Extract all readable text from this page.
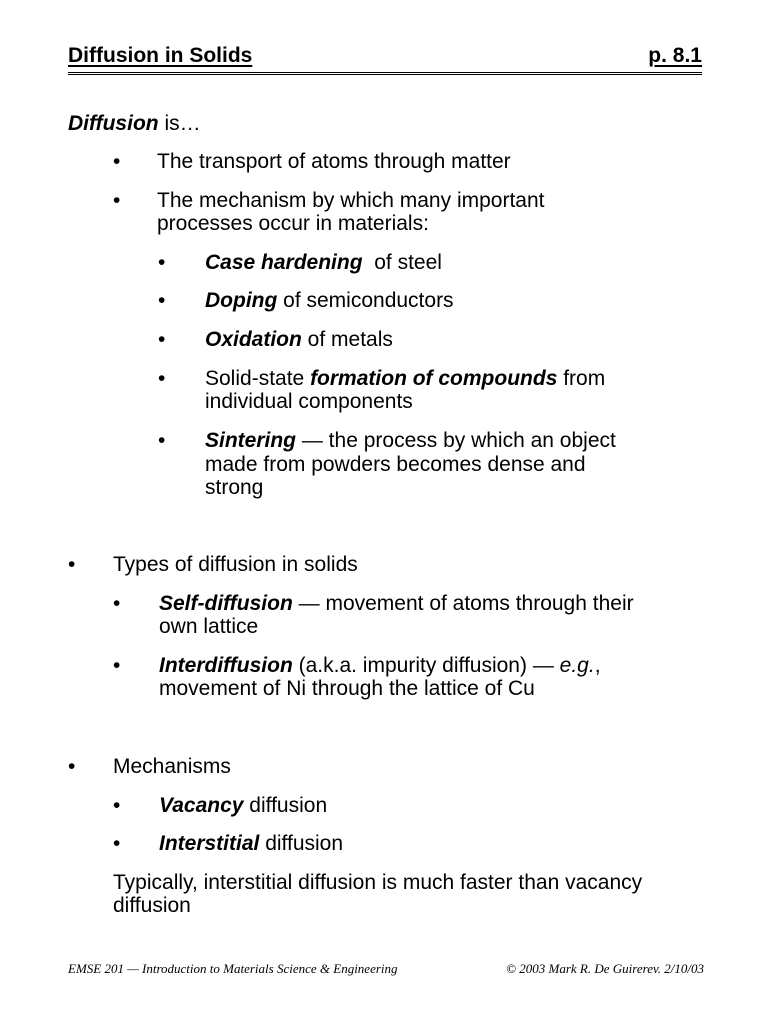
Diffusion in Solids	p. 8.1
Diffusion is…
• The transport of atoms through matter
• The mechanism by which many important
processes occur in materials:
• Case hardening  of steel
• Doping of semiconductors
• Oxidation of metals
• Solid-state formation of compounds from
individual components
• Sintering — the process by which an object
made from powders becomes dense and
strong
• Types of diffusion in solids
• Self-diffusion — movement of atoms through their
own lattice
• Interdiffusion (a.k.a. impurity diffusion) — e.g.,
movement of Ni through the lattice of Cu
• Mechanisms
• Vacancy diffusion
• Interstitial diffusion
Typically, interstitial diffusion is much faster than vacancy
diffusion
EMSE 201 — Introduction to Materials Science & Engineering	© 2003 Mark R. De Guirerev. 2/10/03
